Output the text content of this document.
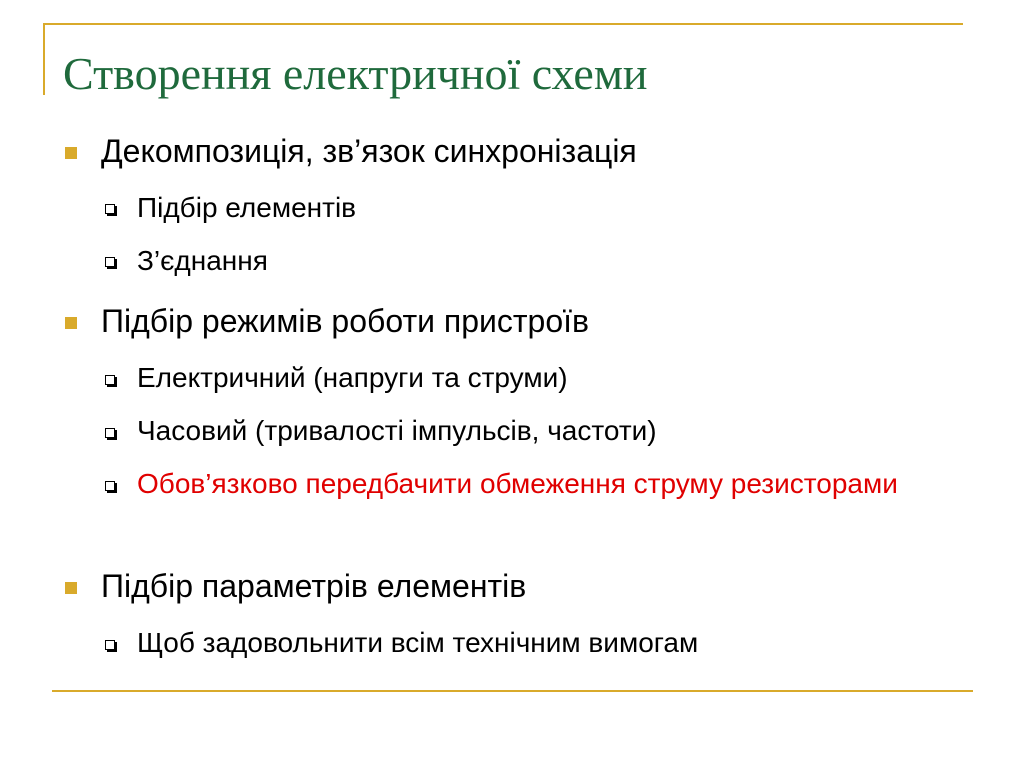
Створення електричної схеми
Декомпозиція, зв’язок синхронізація
Підбір елементів
З’єднання
Підбір режимів роботи пристроїв
Електричний (напруги та струми)
Часовий (тривалості імпульсів, частоти)
Обов’язково передбачити обмеження струму резисторами
Підбір параметрів елементів
Щоб задовольнити всім технічним вимогам
